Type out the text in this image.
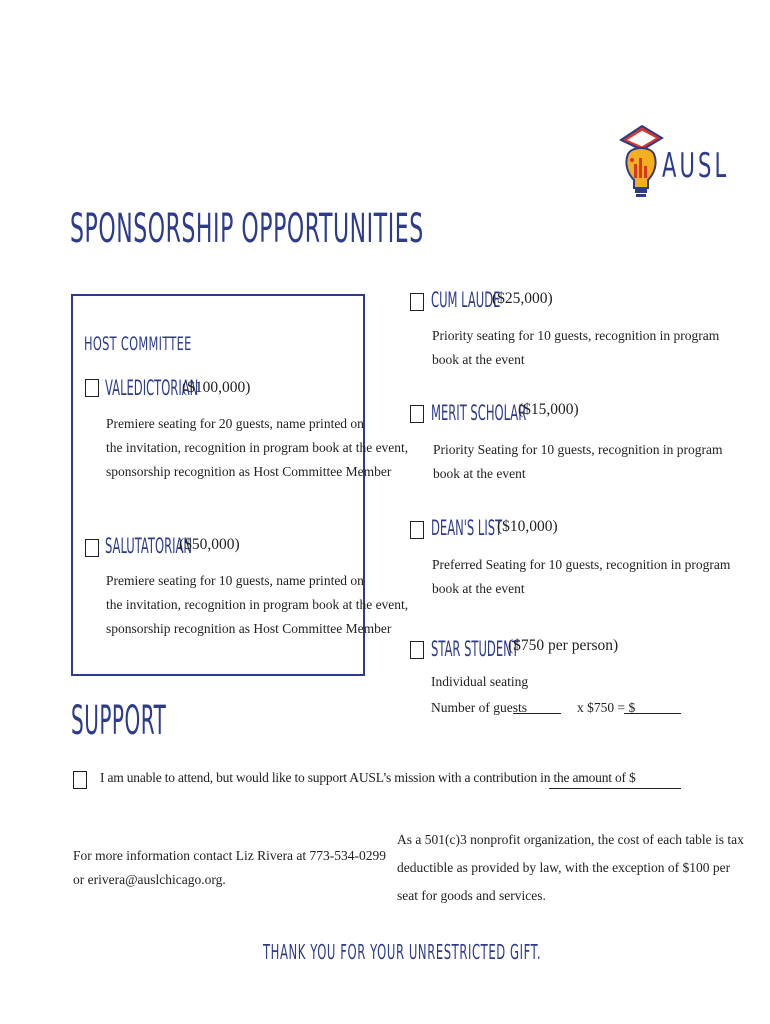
AUSL
SPONSORSHIP OPPORTUNITIES
HOST COMMITTEE
VALEDICTORIAN
($100,000)
Premiere seating for 20 guests, name printed on
the invitation, recognition in program book at the event,
sponsorship recognition as Host Committee Member
SALUTATORIAN
($50,000)
Premiere seating for 10 guests, name printed on
the invitation, recognition in program book at the event,
sponsorship recognition as Host Committee Member
CUM LAUDE
($25,000)
Priority seating for 10 guests, recognition in program
book at the event
MERIT SCHOLAR
($15,000)
Priority Seating for 10 guests, recognition in program
book at the event
DEAN'S LIST
($10,000)
Preferred Seating for 10 guests, recognition in program
book at the event
STAR STUDENT
($750 per person)
Individual seating
Number of guests	x $750 = $
SUPPORT
I am unable to attend, but would like to support AUSL’s mission with a contribution in the amount of $
For more information contact Liz Rivera at 773-534-0299
or erivera@auslchicago.org.
As a 501(c)3 nonprofit organization, the cost of each table is tax
deductible as provided by law, with the exception of $100 per
seat for goods and services.
THANK YOU FOR YOUR UNRESTRICTED GIFT.
